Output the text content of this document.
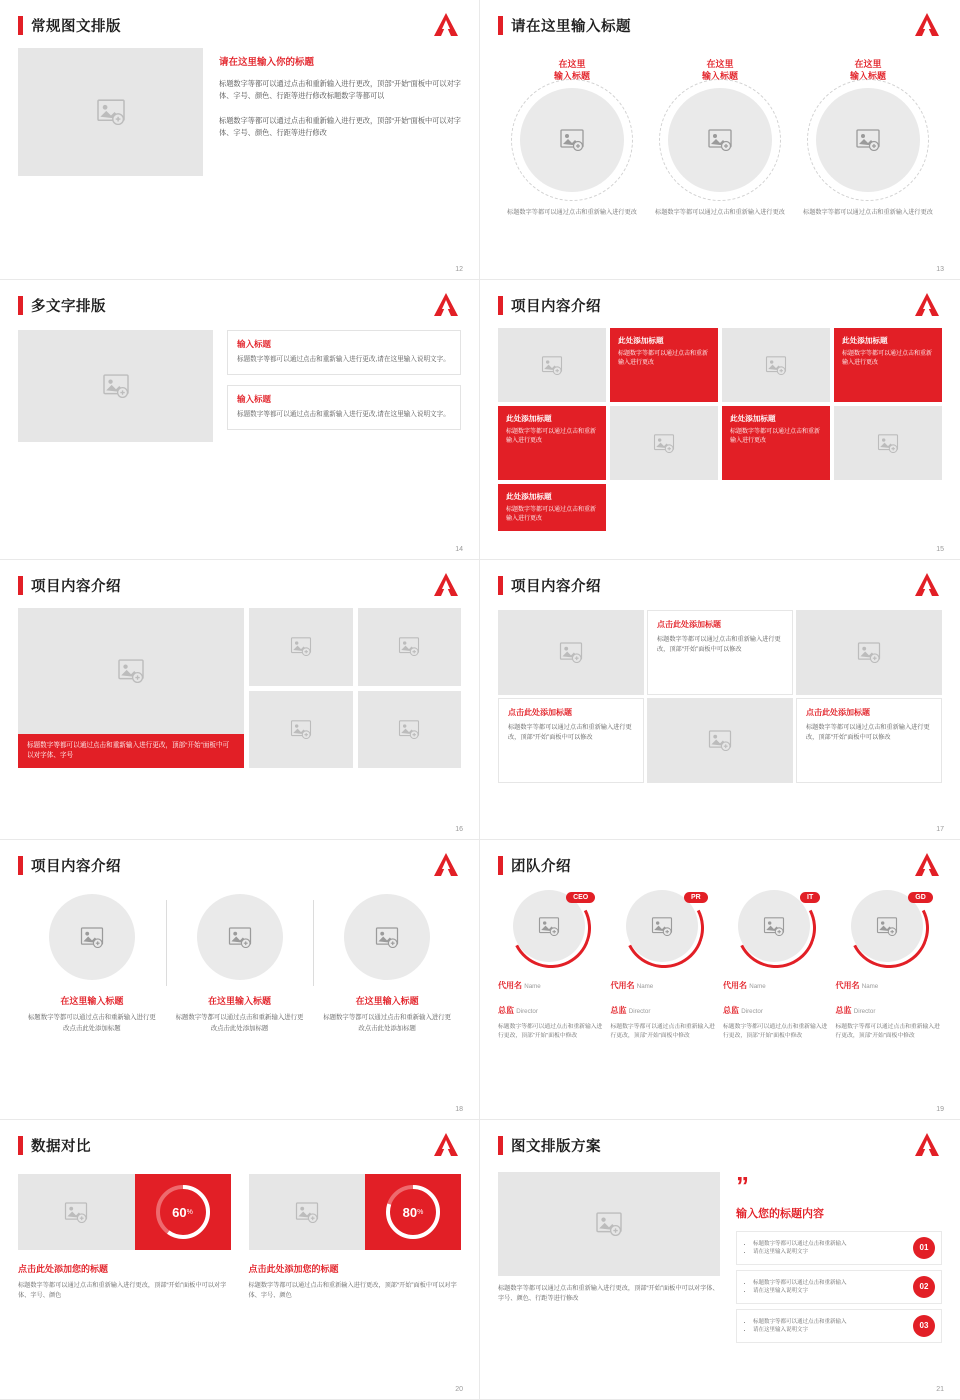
常规图文排版
请在这里输入你的标题

标题数字等都可以通过点击和重新输入进行更改，顶部“开始”面板中可以对字体、字号、颜色、行距等进行修改标题数字等都可以

标题数字等都可以通过点击和重新输入进行更改，顶部“开始”面板中可以对字体、字号、颜色、行距等进行修改

12
请在这里输入标题
在这里
输入标题
标题数字等都可以通过点击和重新输入进行更改
在这里
输入标题
标题数字等都可以通过点击和重新输入进行更改
在这里
输入标题
标题数字等都可以通过点击和重新输入进行更改
13
多文字排版
输入标题

标题数字等都可以通过点击和重新输入进行更改,请在这里输入说明文字。

输入标题

标题数字等都可以通过点击和重新输入进行更改,请在这里输入说明文字。

14
项目内容介绍
此处添加标题

标题数字等都可以通过点击和重新输入进行更改

此处添加标题

标题数字等都可以通过点击和重新输入进行更改

此处添加标题

标题数字等都可以通过点击和重新输入进行更改

此处添加标题

标题数字等都可以通过点击和重新输入进行更改

此处添加标题

标题数字等都可以通过点击和重新输入进行更改

15
项目内容介绍
标题数字等都可以通过点击和重新输入进行更改，顶部“开始”面板中可以对字体、字号
16
项目内容介绍
点击此处添加标题

标题数字等都可以通过点击和重新输入进行更改，顶部“开始”面板中可以修改

点击此处添加标题

标题数字等都可以通过点击和重新输入进行更改，顶部“开始”面板中可以修改

点击此处添加标题

标题数字等都可以通过点击和重新输入进行更改，顶部“开始”面板中可以修改

17
项目内容介绍
在这里输入标题
标题数字等都可以通过点击和重新输入进行更改点击此处添加标题
在这里输入标题
标题数字等都可以通过点击和重新输入进行更改点击此处添加标题
在这里输入标题
标题数字等都可以通过点击和重新输入进行更改点击此处添加标题
18
团队介绍
CEO
代用名 Name
总监 Director
标题数字等都可以通过点击和重新输入进行更改，顶部“开始”面板中修改
PR
代用名 Name
总监 Director
标题数字等都可以通过点击和重新输入进行更改，顶部“开始”面板中修改
IT
代用名 Name
总监 Director
标题数字等都可以通过点击和重新输入进行更改，顶部“开始”面板中修改
GD
代用名 Name
总监 Director
标题数字等都可以通过点击和重新输入进行更改，顶部“开始”面板中修改
19
数据对比
60 %
点击此处添加您的标题
标题数字等都可以通过点击和重新输入进行更改，顶部“开始”面板中可以对字体、字号、颜色
80 %
点击此处添加您的标题
标题数字等都可以通过点击和重新输入进行更改，顶部“开始”面板中可以对字体、字号、颜色
20
图文排版方案
标题数字等都可以通过点击和重新输入进行更改，顶部“开始”面板中可以对字体、字号、颜色、行距等进行修改
”
输入您的标题内容
• 标题数字等都可以通过点击和重新输入
• 请在这里输入说明文字	01
• 标题数字等都可以通过点击和重新输入
• 请在这里输入说明文字	02
• 标题数字等都可以通过点击和重新输入
• 请在这里输入说明文字	03
21
